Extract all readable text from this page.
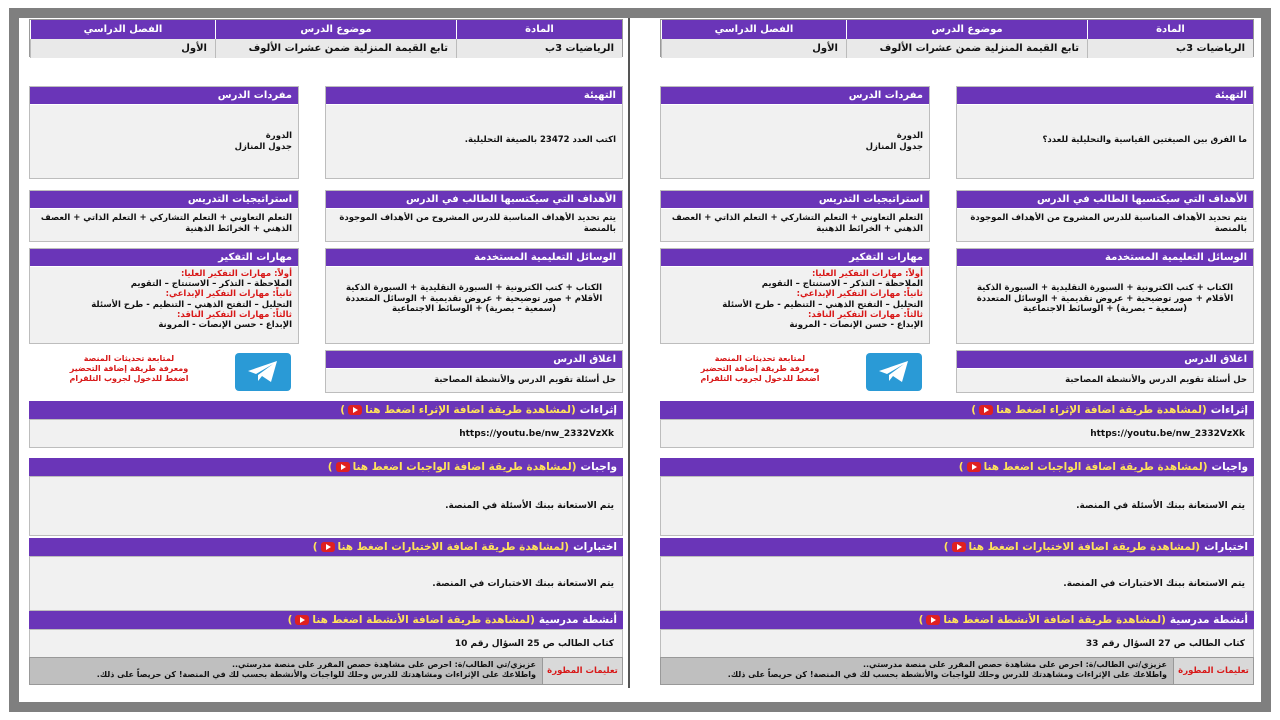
المادة
الرياضيات 3ب
موضوع الدرس
تابع القيمة المنزلية ضمن عشرات الألوف
الفصل الدراسي
الأول
التهيئة
ما الفرق بين الصيغتين القياسية والتحليلية للعدد؟
مفردات الدرس
الدورة
جدول المنازل
الأهداف التي سيكتسبها الطالب في الدرس
يتم تحديد الأهداف المناسبة للدرس المشروح من الأهداف الموجودة بالمنصة
استراتيجيات التدريس
التعلم التعاوني + التعلم التشاركي + التعلم الذاتي + العصف الذهني + الخرائط الذهنية
الوسائل التعليمية المستخدمة
الكتاب + كتب الكترونية + السبورة التقليدية + السبورة الذكية الأقلام + صور توضيحية + عروض تقديمية + الوسائل المتعددة (سمعية – بصرية) + الوسائط الاجتماعية
مهارات التفكير
أولاً: مهارات التفكير العليا:
الملاحظة – التذكر – الاستنتاج – التقويم
ثانياً: مهارات التفكير الإبداعي:
التحليل – التفتح الذهني – التنظيم - طرح الأسئلة
ثالثاً: مهارات التفكير الناقد:
الإبداع - حسن الإنصات - المرونة
اغلاق الدرس
حل أسئلة تقويم الدرس والأنشطة المصاحبة
لمتابعة تحديثات المنصة
ومعرفة طريقة إضافة التحضير
اضغط للدخول لجروب التلقرام
إثراءات
(لمشاهدة طريقة اضافة الإثراء اضغط هنا)
https://youtu.be/nw_2332VzXk
واجبات
(لمشاهدة طريقة اضافة الواجبات اضغط هنا)
يتم الاستعانة ببنك الأسئلة في المنصة.
اختبارات
(لمشاهدة طريقة اضافة الاختبارات اضغط هنا)
يتم الاستعانة ببنك الاختبارات في المنصة.
أنشطة مدرسية
(لمشاهدة طريقة اضافة الأنشطة اضغط هنا)
كتاب الطالب ص 27 السؤال رقم 33
تعليمات المطورة
عزيزي/تي الطالب/ة: احرص على مشاهدة حصص المقرر على منصة مدرستي..
واطلاعك على الإثراءات ومشاهدتك للدرس وحلك للواجبات والأنشطة بحسب لك في المنصة! كن حريصاً على ذلك.
المادة
الرياضيات 3ب
موضوع الدرس
تابع القيمة المنزلية ضمن عشرات الألوف
الفصل الدراسي
الأول
التهيئة
اكتب العدد 23472 بالصيغة التحليلية.
مفردات الدرس
الدورة
جدول المنازل
الأهداف التي سيكتسبها الطالب في الدرس
يتم تحديد الأهداف المناسبة للدرس المشروح من الأهداف الموجودة بالمنصة
استراتيجيات التدريس
التعلم التعاوني + التعلم التشاركي + التعلم الذاتي + العصف الذهني + الخرائط الذهنية
الوسائل التعليمية المستخدمة
الكتاب + كتب الكترونية + السبورة التقليدية + السبورة الذكية الأقلام + صور توضيحية + عروض تقديمية + الوسائل المتعددة (سمعية – بصرية) + الوسائط الاجتماعية
مهارات التفكير
أولاً: مهارات التفكير العليا:
الملاحظة – التذكر – الاستنتاج – التقويم
ثانياً: مهارات التفكير الإبداعي:
التحليل – التفتح الذهني – التنظيم - طرح الأسئلة
ثالثاً: مهارات التفكير الناقد:
الإبداع - حسن الإنصات - المرونة
اغلاق الدرس
حل أسئلة تقويم الدرس والأنشطة المصاحبة
لمتابعة تحديثات المنصة
ومعرفة طريقة إضافة التحضير
اضغط للدخول لجروب التلقرام
إثراءات
(لمشاهدة طريقة اضافة الإثراء اضغط هنا)
https://youtu.be/nw_2332VzXk
واجبات
(لمشاهدة طريقة اضافة الواجبات اضغط هنا)
يتم الاستعانة ببنك الأسئلة في المنصة.
اختبارات
(لمشاهدة طريقة اضافة الاختبارات اضغط هنا)
يتم الاستعانة ببنك الاختبارات في المنصة.
أنشطة مدرسية
(لمشاهدة طريقة اضافة الأنشطة اضغط هنا)
كتاب الطالب ص 25 السؤال رقم 10
تعليمات المطورة
عزيزي/تي الطالب/ة: احرص على مشاهدة حصص المقرر على منصة مدرستي..
واطلاعك على الإثراءات ومشاهدتك للدرس وحلك للواجبات والأنشطة بحسب لك في المنصة! كن حريصاً على ذلك.
